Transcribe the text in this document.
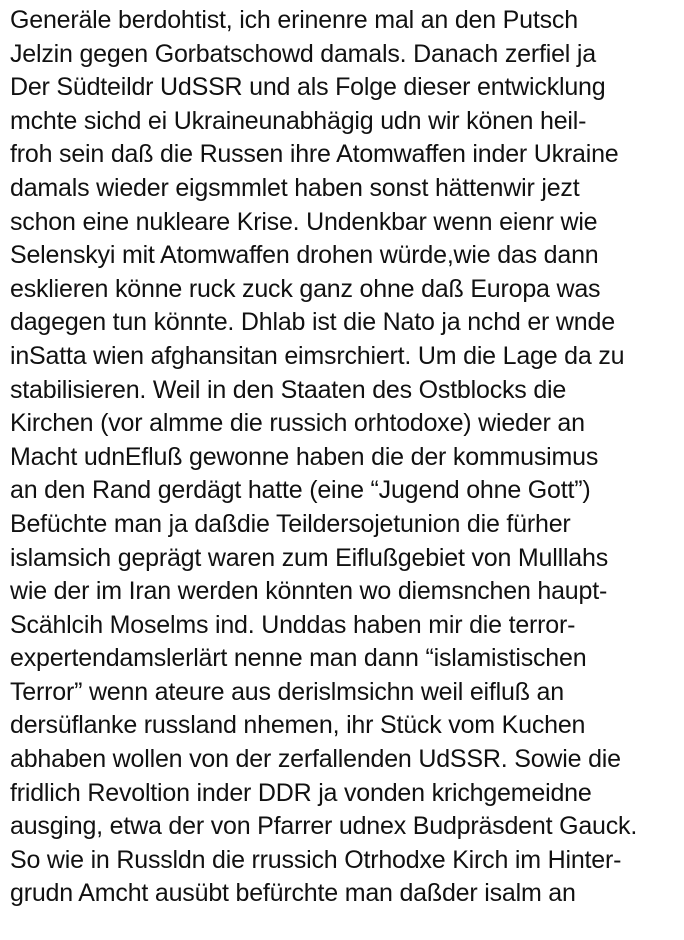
Generäle berdohtist, ich erinenre mal an den Putsch
Jelzin gegen Gorbatschowd damals. Danach zerfiel ja
Der Südteildr UdSSR und als Folge dieser entwicklung
mchte sichd ei Ukraineunabhägig udn wir könen heil-
froh sein daß die Russen ihre Atomwaffen inder Ukraine
damals wieder eigsmmlet haben sonst hättenwir jezt
schon eine nukleare Krise. Undenkbar wenn eienr wie
Selenskyi mit Atomwaffen drohen würde,wie das dann
esklieren könne ruck zuck ganz ohne daß Europa was
dagegen tun könnte. Dhlab ist die Nato ja nchd er wnde
inSatta wien afghansitan eimsrchiert. Um die Lage da zu
stabilisieren. Weil in den Staaten des Ostblocks die
Kirchen (vor almme die russich orhtodoxe) wieder an
Macht udnEfluß gewonne haben die der kommusimus
an den Rand gerdägt hatte (eine “Jugend ohne Gott”)
Befüchte man ja daßdie Teildersojetunion die fürher
islamsich geprägt waren zum Eiflußgebiet von Mulllahs
wie der im Iran werden könnten wo diemsnchen haupt-
Scählcih Moselms ind. Unddas haben mir die terror-
expertendamslerlärt nenne man dann “islamistischen
Terror” wenn ateure aus derislmsichn weil eifluß an
dersüflanke russland nhemen, ihr Stück vom Kuchen
abhaben wollen von der zerfallenden UdSSR. Sowie die
fridlich Revoltion inder DDR ja vonden krichgemeidne
ausging, etwa der von Pfarrer udnex Budpräsdent Gauck.
So wie in Russldn die rrussich Otrhodxe Kirch im Hinter-
grudn Amcht ausübt befürchte man daßder isalm an
